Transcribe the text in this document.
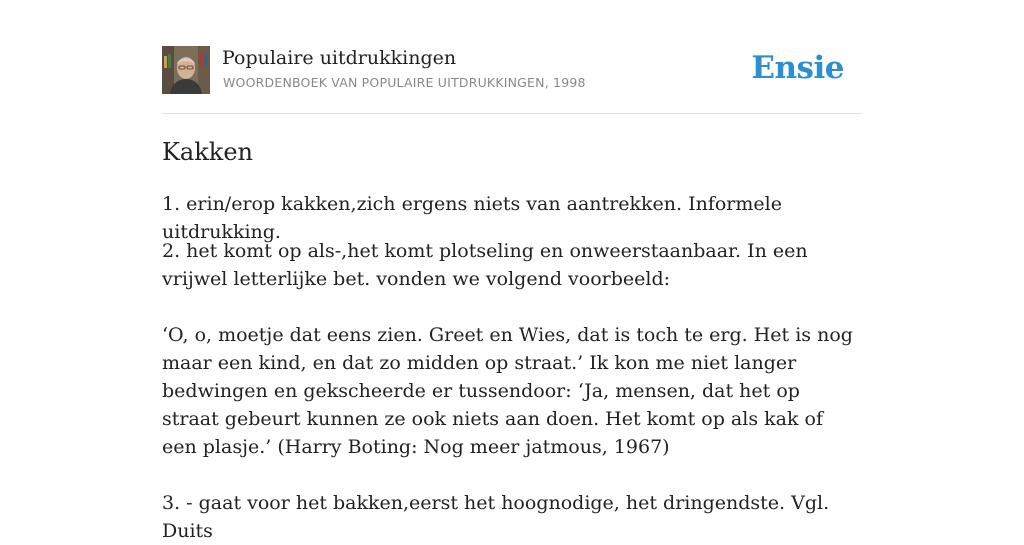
Populaire uitdrukkingen
WOORDENBOEK VAN POPULAIRE UITDRUKKINGEN, 1998	Ensie
Kakken

1. erin/erop kakken,zich ergens niets van aantrekken. Informele uitdrukking.

2. het komt op als-,het komt plotseling en onweerstaanbaar. In een vrijwel letterlijke bet. vonden we volgend voorbeeld:

‘O, o, moetje dat eens zien. Greet en Wies, dat is toch te erg. Het is nog maar een kind, en dat zo midden op straat.’ Ik kon me niet langer bedwingen en gekscheerde er tussendoor: ‘Ja, mensen, dat het op straat gebeurt kunnen ze ook niets aan doen. Het komt op als kak of een plasje.’ (Harry Boting: Nog meer jatmous, 1967)

3. - gaat voor het bakken,eerst het hoognodige, het dringendste. Vgl. Duits
